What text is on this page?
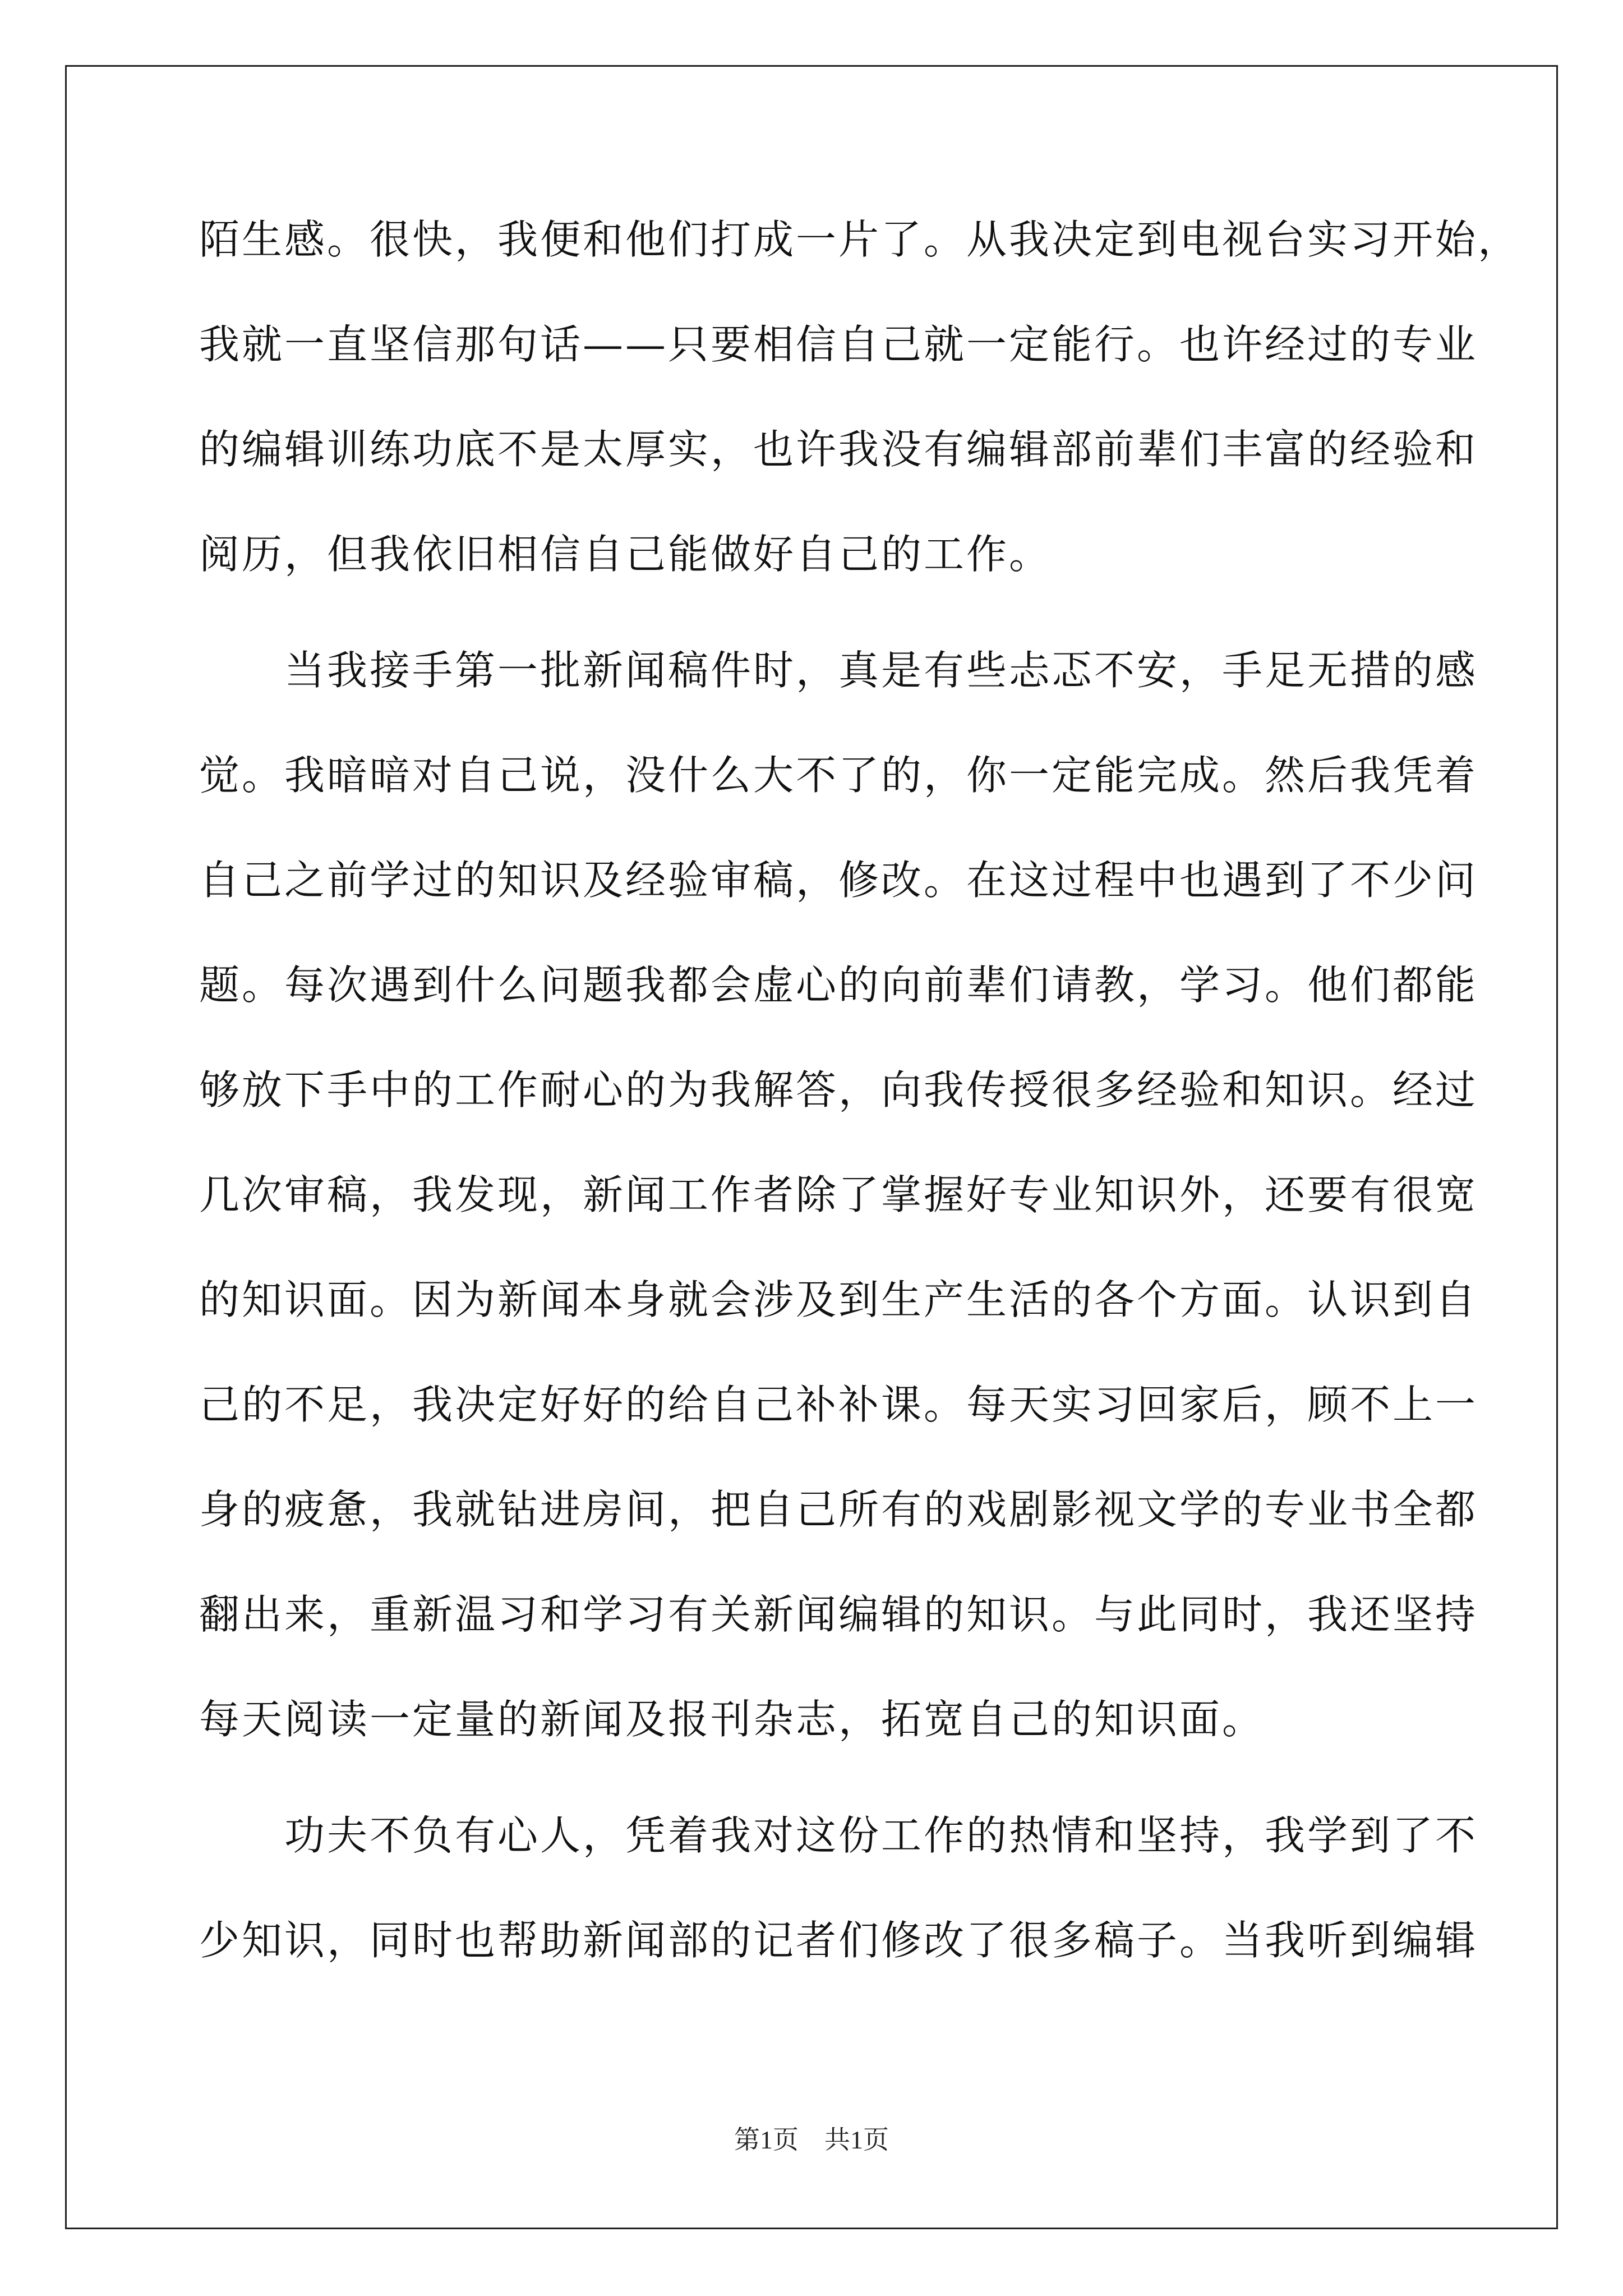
陌生感。很快，我便和他们打成一片了。从我决定到电视台实习开始，
我就一直坚信那句话——只要相信自己就一定能行。也许经过的专业
的编辑训练功底不是太厚实，也许我没有编辑部前辈们丰富的经验和
阅历，但我依旧相信自己能做好自己的工作。
　　当我接手第一批新闻稿件时，真是有些忐忑不安，手足无措的感
觉。我暗暗对自己说，没什么大不了的，你一定能完成。然后我凭着
自己之前学过的知识及经验审稿，修改。在这过程中也遇到了不少问
题。每次遇到什么问题我都会虚心的向前辈们请教，学习。他们都能
够放下手中的工作耐心的为我解答，向我传授很多经验和知识。经过
几次审稿，我发现，新闻工作者除了掌握好专业知识外，还要有很宽
的知识面。因为新闻本身就会涉及到生产生活的各个方面。认识到自
己的不足，我决定好好的给自己补补课。每天实习回家后，顾不上一
身的疲惫，我就钻进房间，把自己所有的戏剧影视文学的专业书全都
翻出来，重新温习和学习有关新闻编辑的知识。与此同时，我还坚持
每天阅读一定量的新闻及报刊杂志，拓宽自己的知识面。
　　功夫不负有心人，凭着我对这份工作的热情和坚持，我学到了不
少知识，同时也帮助新闻部的记者们修改了很多稿子。当我听到编辑
第1页　共1页
